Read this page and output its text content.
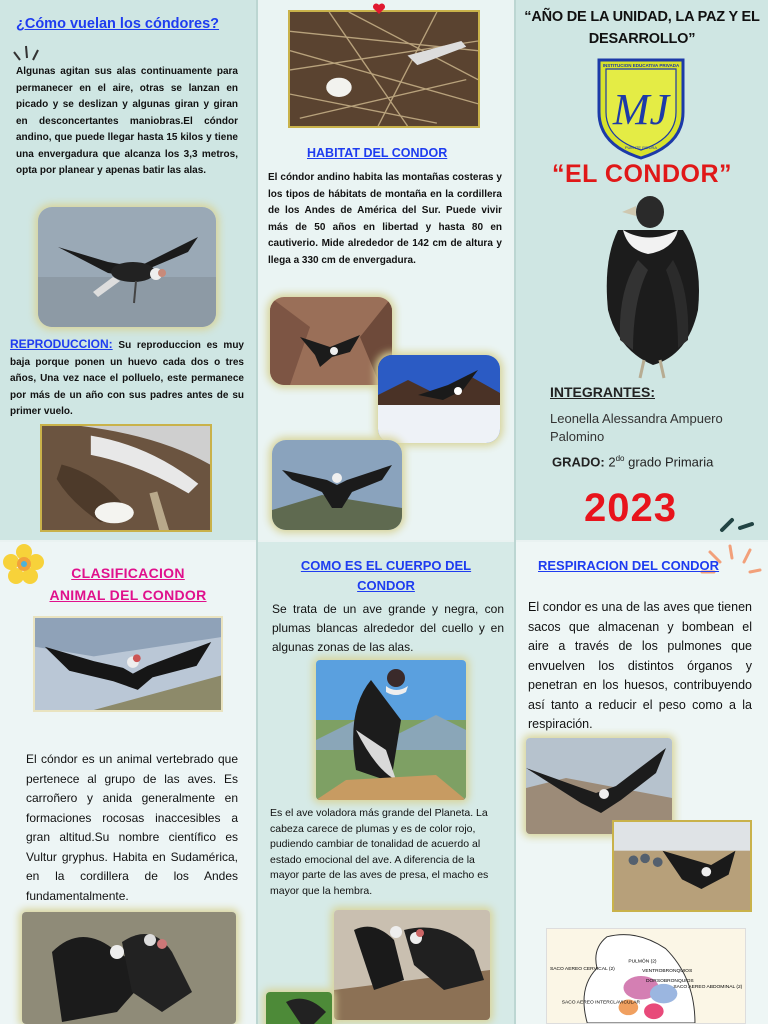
¿Cómo vuelan los cóndores?
Algunas agitan sus alas continuamente para permanecer en el aire, otras se lanzan en picado y se deslizan y algunas giran y giran en desconcertantes maniobras.El cóndor andino, que puede llegar hasta 15 kilos y tiene una envergadura que alcanza los 3,3 metros, opta por planear y apenas batir las alas.
REPRODUCCION: Su reproduccion es muy baja porque ponen un huevo cada dos o tres años, Una vez nace el polluelo, este permanece por más de un año con sus padres antes de su primer vuelo.
HABITAT DEL CONDOR
El cóndor andino habita las montañas costeras y los tipos de hábitats de montaña en la cordillera de los Andes de América del Sur. Puede vivir más de 50 años en libertad y hasta 80 en cautiverio. Mide alrededor de 142 cm de altura y llega a 330 cm de envergadura.
“AÑO DE LA UNIDAD, LA PAZ Y EL DESARROLLO”
INSTITUCION EDUCATIVA PRIVADA
MJ
PUENTE PIEDRA
“EL CONDOR”
INTEGRANTES:
Leonella Alessandra Ampuero Palomino
GRADO: $2^{do}$ grado Primaria
2023
CLASIFICACION
ANIMAL DEL CONDOR
El cóndor es un animal vertebrado que pertenece al grupo de las aves. Es carroñero y anida generalmente en formaciones rocosas inaccesibles a gran altitud.Su nombre científico es Vultur gryphus. Habita en Sudamérica, en la cordillera de los Andes fundamentalmente.
COMO ES EL CUERPO DEL
CONDOR
Se trata de un ave grande y negra, con plumas blancas alrededor del cuello y en algunas zonas de las alas.
Es el ave voladora más grande del Planeta. La cabeza carece de plumas y es de color rojo, pudiendo cambiar de tonalidad de acuerdo al estado emocional del ave. A diferencia de la mayor parte de las aves de presa, el macho es mayor que la hembra.
RESPIRACION DEL CONDOR
El condor es una de las aves que tienen sacos que almacenan y bombean el aire a través de los pulmones que envuelven los distintos órganos y penetran en los huesos, contribuyendo así tanto a reducir el peso como a la respiración.
PULMÓN (2)
SACO AEREO CERVICAL (2)	VENTROBRONQUIOS
DORSOBRONQUIOS
SACO AEREO ABDOMINAL (2)
SACO AEREO INTERCLAVICULAR
